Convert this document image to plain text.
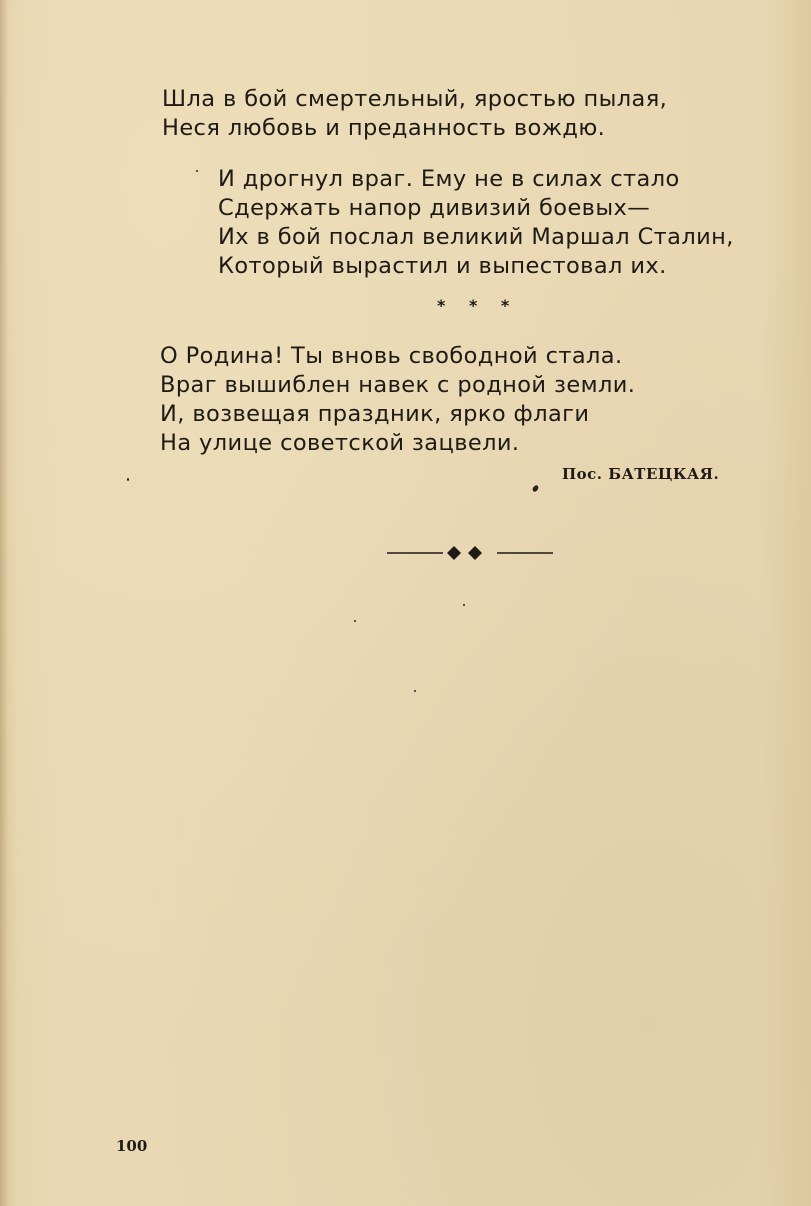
Шла в бой смертельный, яростью пылая,
Неся любовь и преданность вождю.
И дрогнул враг. Ему не в силах стало
Сдержать напор дивизий боевых—
Их в бой послал великий Маршал Сталин,
Который вырастил и выпестовал их.
* * *
О Родина! Ты вновь свободной стала.
Враг вышиблен навек с родной земли.
И, возвещая праздник, ярко флаги
На улице советской зацвели.
Пос. БАТЕЦКАЯ.
100
